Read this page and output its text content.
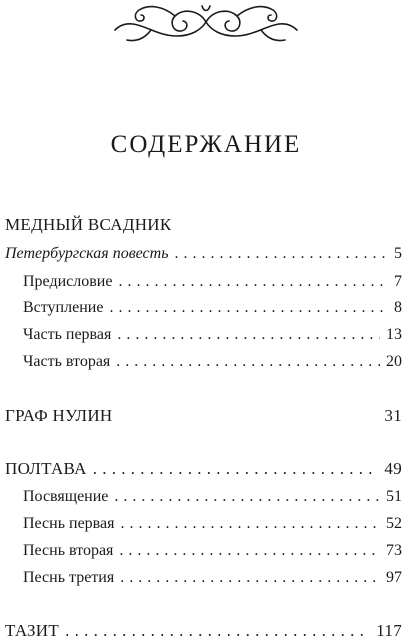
СОДЕРЖАНИЕ
МЕДНЫЙ ВСАДНИК
Петербургская повесть . . .	5
Предисловие . . .	7
Вступление . . .	8
Часть первая . . .	13
Часть вторая . . .	20
ГРАФ НУЛИН	31
ПОЛТАВА . . .	49
Посвящение . . .	51
Песнь первая . . .	52
Песнь вторая . . .	73
Песнь третия . . .	97
ТАЗИТ . . .	117
